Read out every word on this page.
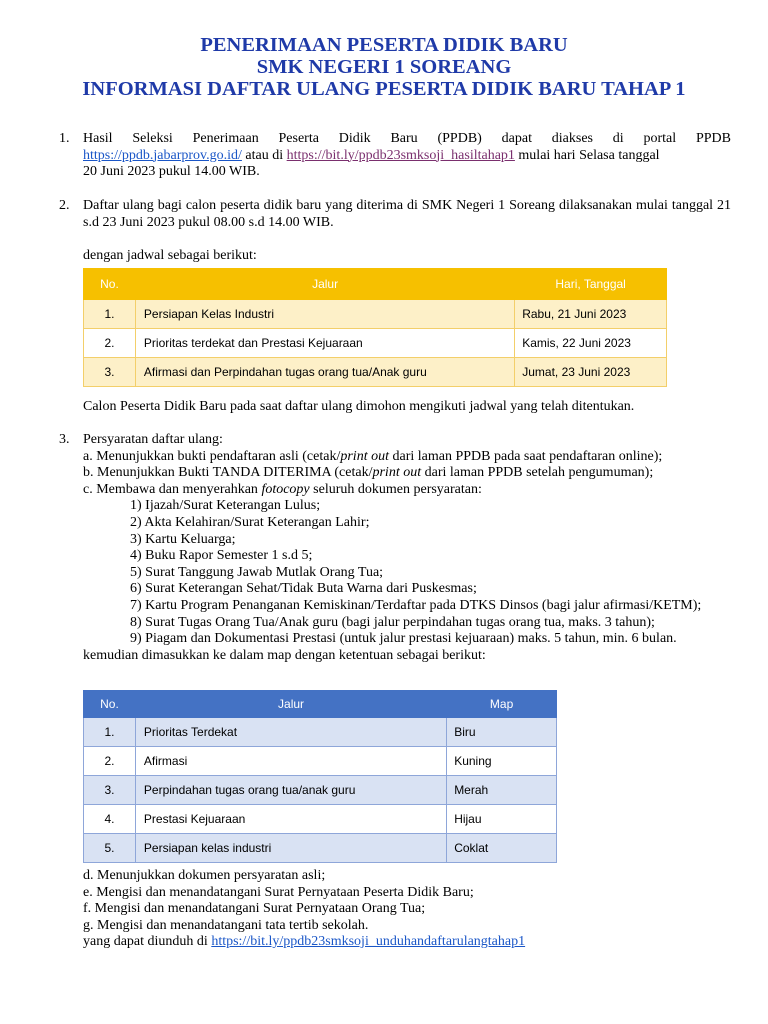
PENERIMAAN PESERTA DIDIK BARU
SMK NEGERI 1 SOREANG
INFORMASI DAFTAR ULANG PESERTA DIDIK BARU TAHAP 1
1. Hasil Seleksi Penerimaan Peserta Didik Baru (PPDB) dapat diakses di portal PPDB
https://ppdb.jabarprov.go.id/ atau di https://bit.ly/ppdb23smksoji_hasiltahap1 mulai hari Selasa tanggal
20 Juni 2023 pukul 14.00 WIB.
2. Daftar ulang bagi calon peserta didik baru yang diterima di SMK Negeri 1 Soreang dilaksanakan mulai tanggal 21 s.d 23 Juni 2023 pukul 08.00 s.d 14.00 WIB.
dengan jadwal sebagai berikut:
No.	Jalur	Hari, Tanggal
1.	Persiapan Kelas Industri	Rabu, 21 Juni 2023
2.	Prioritas terdekat dan Prestasi Kejuaraan	Kamis, 22 Juni 2023
3.	Afirmasi dan Perpindahan tugas orang tua/Anak guru	Jumat, 23 Juni 2023
Calon Peserta Didik Baru pada saat daftar ulang dimohon mengikuti jadwal yang telah ditentukan.
3. Persyaratan daftar ulang:
a. Menunjukkan bukti pendaftaran asli (cetak/print out dari laman PPDB pada saat pendaftaran online);
b. Menunjukkan Bukti TANDA DITERIMA (cetak/print out dari laman PPDB setelah pengumuman);
c. Membawa dan menyerahkan fotocopy seluruh dokumen persyaratan:
1) Ijazah/Surat Keterangan Lulus;
2) Akta Kelahiran/Surat Keterangan Lahir;
3) Kartu Keluarga;
4) Buku Rapor Semester 1 s.d 5;
5) Surat Tanggung Jawab Mutlak Orang Tua;
6) Surat Keterangan Sehat/Tidak Buta Warna dari Puskesmas;
7) Kartu Program Penanganan Kemiskinan/Terdaftar pada DTKS Dinsos (bagi jalur afirmasi/KETM);
8) Surat Tugas Orang Tua/Anak guru (bagi jalur perpindahan tugas orang tua, maks. 3 tahun);
9) Piagam dan Dokumentasi Prestasi (untuk jalur prestasi kejuaraan) maks. 5 tahun, min. 6 bulan.
kemudian dimasukkan ke dalam map dengan ketentuan sebagai berikut:
No.	Jalur	Map
1.	Prioritas Terdekat	Biru
2.	Afirmasi	Kuning
3.	Perpindahan tugas orang tua/anak guru	Merah
4.	Prestasi Kejuaraan	Hijau
5.	Persiapan kelas industri	Coklat
d. Menunjukkan dokumen persyaratan asli;
e. Mengisi dan menandatangani Surat Pernyataan Peserta Didik Baru;
f. Mengisi dan menandatangani Surat Pernyataan Orang Tua;
g. Mengisi dan menandatangani tata tertib sekolah.
yang dapat diunduh di https://bit.ly/ppdb23smksoji_unduhandaftarulangtahap1
